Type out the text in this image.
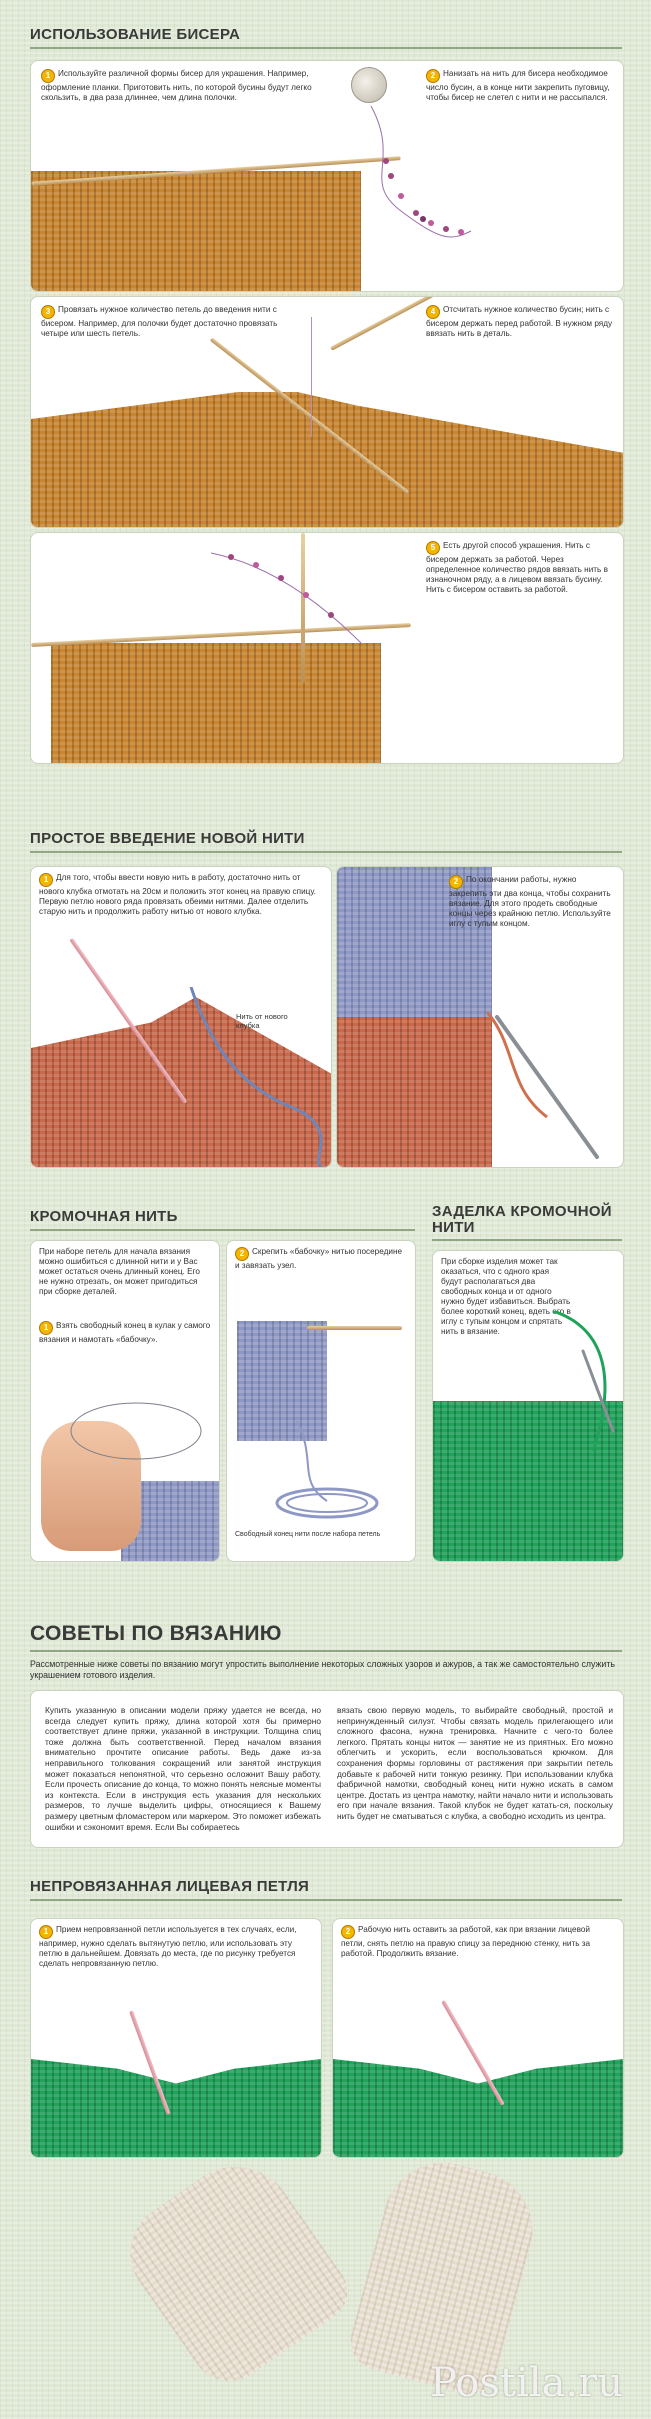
ИСПОЛЬЗОВАНИЕ БИСЕРА
1 Используйте различной формы бисер для украшения. Например, оформление планки. Приготовить нить, по которой бусины будут легко скользить, в два раза длиннее, чем длина полочки.
2 Нанизать на нить для бисера необходимое число бусин, а в конце нити закрепить пуговицу, чтобы бисер не слетел с нити и не рассыпался.
3 Провязать нужное количество петель до введения нити с бисером. Например, для полочки будет достаточно провязать четыре или шесть петель.
4 Отсчитать нужное количество бусин; нить с бисером держать перед работой. В нужном ряду ввязать нить в деталь.
5 Есть другой способ украшения. Нить с бисером держать за работой. Через определенное количество рядов ввязать нить в изнаночном ряду, а в лицевом ввязать бусину. Нить с бисером оставить за работой.
ПРОСТОЕ ВВЕДЕНИЕ НОВОЙ НИТИ
1 Для того, чтобы ввести новую нить в работу, достаточно нить от нового клубка отмотать на 20см и положить этот конец на правую спицу. Первую петлю нового ряда провязать обеими нитями. Далее отделить старую нить и продолжить работу нитью от нового клубка.
Нить от нового клубка
2 По окончании работы, нужно закрепить эти два конца, чтобы сохранить вязание. Для этого продеть свободные концы через крайнюю петлю. Используйте иглу с тупым концом.
КРОМОЧНАЯ НИТЬ
При наборе петель для начала вязания можно ошибиться с длинной нити и у Вас может остаться очень длинный конец. Его не нужно отрезать, он может пригодиться при сборке деталей.
1 Взять свободный конец в кулак у самого вязания и намотать «бабочку».
2 Скрепить «бабочку» нитью посередине и завязать узел.
Свободный конец нити после набора петель
ЗАДЕЛКА КРОМОЧНОЙ НИТИ
При сборке изделия может так оказаться, что с одного края будут располагаться два свободных конца и от одного нужно будет избавиться. Выбрать более короткий конец, вдеть его в иглу с тупым концом и спрятать нить в вязание.
СОВЕТЫ ПО ВЯЗАНИЮ
Рассмотренные ниже советы по вязанию могут упростить выполнение некоторых сложных узоров и ажуров, а так же самостоятельно служить украшением готового изделия.
Купить указанную в описании модели пряжу удается не всегда, но всегда следует купить пряжу, длина которой хотя бы примерно соответствует длине пряжи, указанной в инструкции. Толщина спиц тоже должна быть соответственной. Перед началом вязания внимательно прочтите описание работы. Ведь даже из-за неправильного толкования сокращений или занятой инструкция может показаться непонятной, что серьезно осложнит Вашу работу. Если прочесть описание до конца, то можно понять неясные моменты из контекста. Если в инструкция есть указания для нескольких размеров, то лучше выделить цифры, относящиеся к Вашему размеру цветным фломастером или маркером. Это поможет избежать ошибки и сэкономит время. Если Вы собираетесь
вязать свою первую модель, то выбирайте свободный, простой и непринужденный силуэт. Чтобы связать модель прилегающего или сложного фасона, нужна тренировка. Начните с чего-то более легкого. Прятать концы ниток — занятие не из приятных. Его можно облегчить и ускорить, если воспользоваться крючком. Для сохранения формы горловины от растяжения при закрытии петель добавьте к рабочей нити тонкую резинку. При использовании клубка фабричной намотки, свободный конец нити нужно искать в самом центре. Достать из центра намотку, найти начало нити и использовать его при начале вязания. Такой клубок не будет катать-ся, поскольку нить будет не сматываться с клубка, а свободно исходить из центра.
НЕПРОВЯЗАННАЯ ЛИЦЕВАЯ ПЕТЛЯ
1 Прием непровязанной петли используется в тех случаях, если, например, нужно сделать вытянутую петлю, или использовать эту петлю в дальнейшем. Довязать до места, где по рисунку требуется сделать непровязанную петлю.
2 Рабочую нить оставить за работой, как при вязании лицевой петли, снять петлю на правую спицу за переднюю стенку, нить за работой. Продолжить вязание.
Postila.ru
